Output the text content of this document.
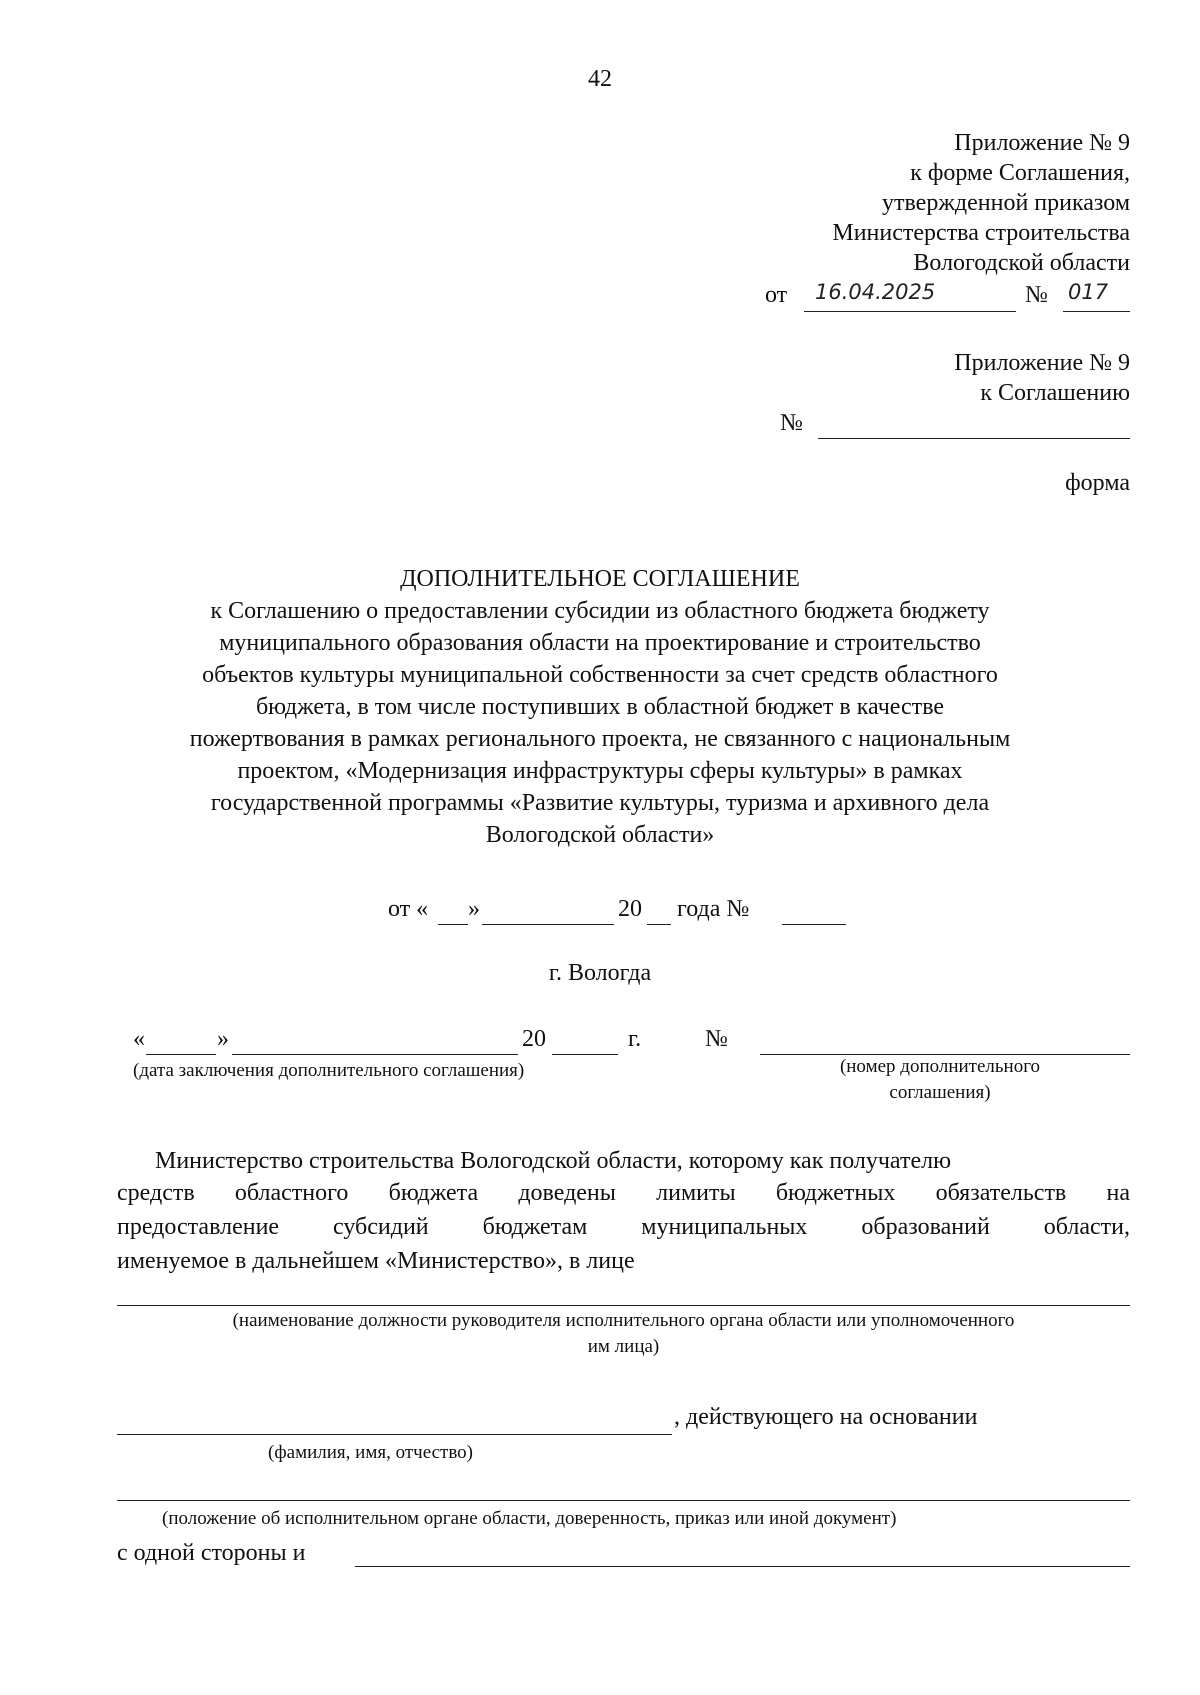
42
Приложение № 9
к форме Соглашения,
утвержденной приказом
Министерства строительства
Вологодской области
от 16.04.2025	№ 017
Приложение № 9
к Соглашению
№
форма
ДОПОЛНИТЕЛЬНОЕ СОГЛАШЕНИЕ
к Соглашению о предоставлении субсидии из областного бюджета бюджету
муниципального образования области на проектирование и строительство
объектов культуры муниципальной собственности за счет средств областного
бюджета, в том числе поступивших в областной бюджет в качестве
пожертвования в рамках регионального проекта, не связанного с национальным
проектом, «Модернизация инфраструктуры сферы культуры» в рамках
государственной программы «Развитие культуры, туризма и архивного дела
Вологодской области»
от « »	20 года №
г. Вологда
«	»	20	г.	№
(дата заключения дополнительного соглашения)	(номер дополнительного
соглашения)
Министерство строительства Вологодской области, которому как получателю
средств областного бюджета доведены лимиты бюджетных обязательств на
предоставление субсидий бюджетам муниципальных образований области,
именуемое в дальнейшем «Министерство», в лице
(наименование должности руководителя исполнительного органа области или уполномоченного
им лица)
, действующего на основании
(фамилия, имя, отчество)
(положение об исполнительном органе области, доверенность, приказ или иной документ)
с одной стороны и
